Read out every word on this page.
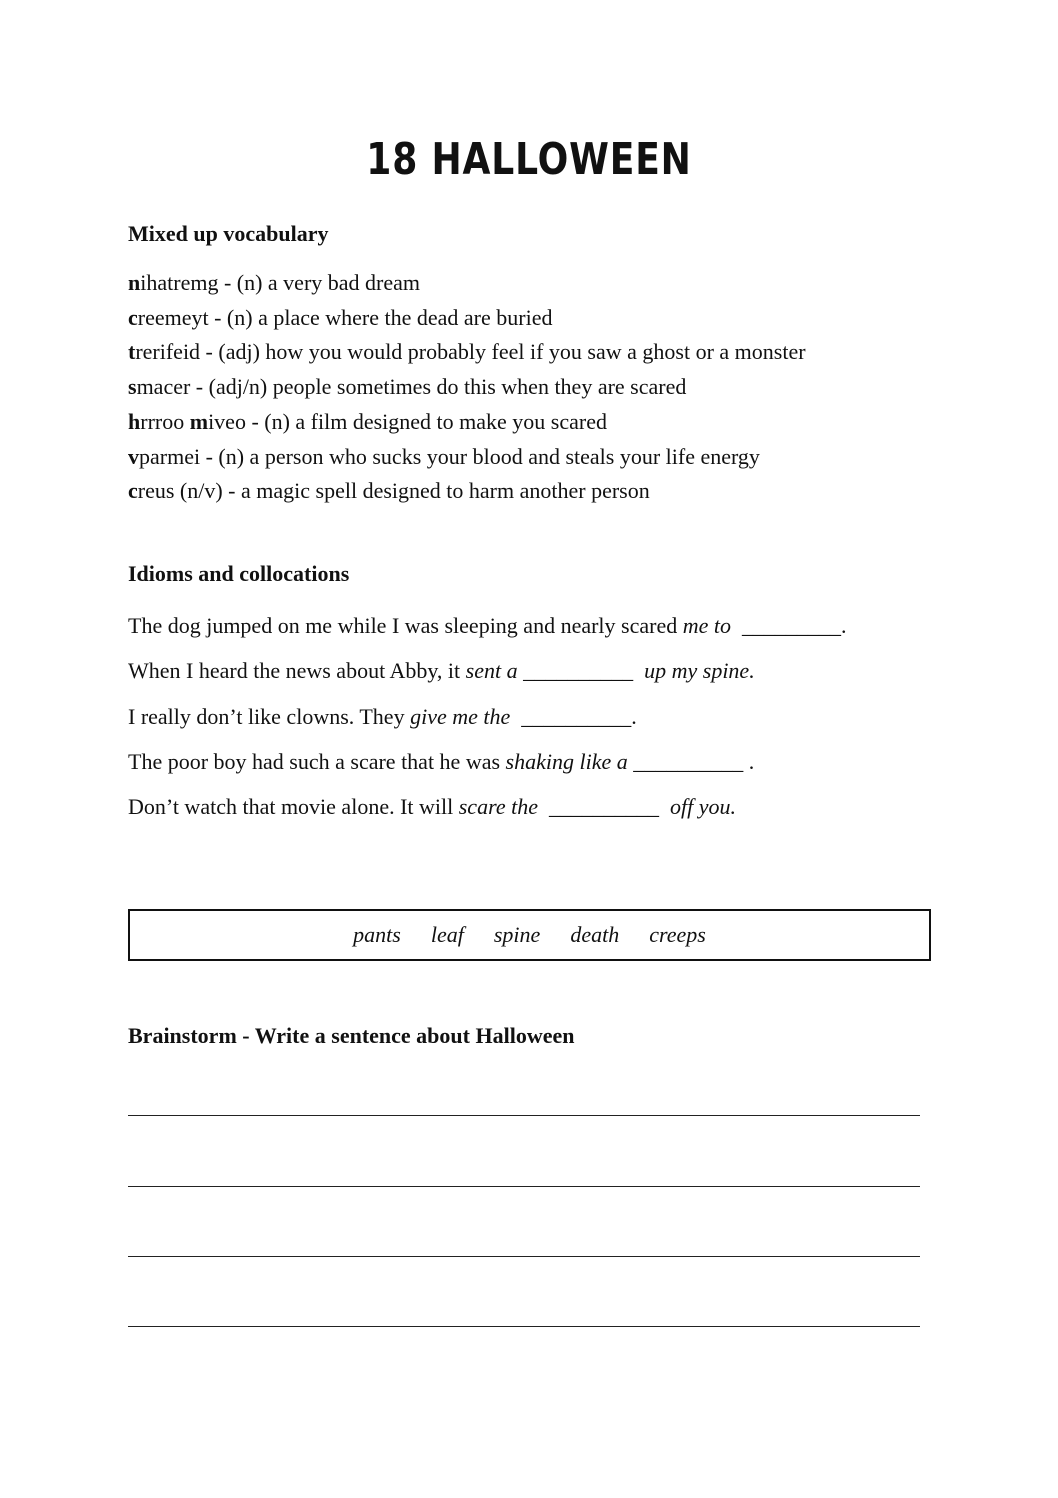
18 HALLOWEEN
Mixed up vocabulary
nihatremg - (n) a very bad dream
creemeyt - (n) a place where the dead are buried
trerifeid - (adj) how you would probably feel if you saw a ghost or a monster
smacer - (adj/n) people sometimes do this when they are scared
hrrroo miveo - (n) a film designed to make you scared
vparmei - (n) a person who sucks your blood and steals your life energy
creus (n/v) - a magic spell designed to harm another person
Idioms and collocations
The dog jumped on me while I was sleeping and nearly scared me to  _________.
When I heard the news about Abby, it sent a __________  up my spine.
I really don’t like clowns. They give me the  __________.
The poor boy had such a scare that he was shaking like a __________ .
Don’t watch that movie alone. It will scare the  __________  off you.
pants leaf spine death creeps
Brainstorm - Write a sentence about Halloween
